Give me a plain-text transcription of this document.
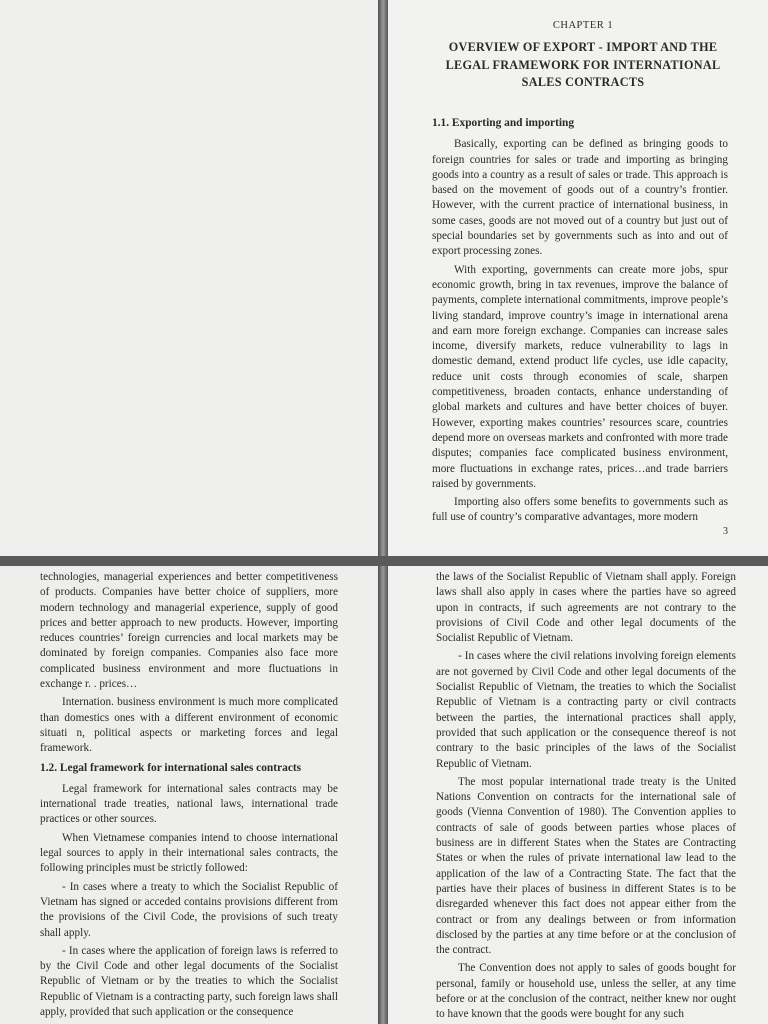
CHAPTER 1
OVERVIEW OF EXPORT - IMPORT AND THE
LEGAL FRAMEWORK FOR INTERNATIONAL
SALES CONTRACTS
1.1. Exporting and importing

Basically, exporting can be defined as bringing goods to foreign countries for sales or trade and importing as bringing goods into a country as a result of sales or trade. This approach is based on the movement of goods out of a country’s frontier. However, with the current practice of international business, in some cases, goods are not moved out of a country but just out of special boundaries set by governments such as into and out of export processing zones.

With exporting, governments can create more jobs, spur economic growth, bring in tax revenues, improve the balance of payments, complete international commitments, improve people’s living standard, improve country’s image in international arena and earn more foreign exchange. Companies can increase sales income, diversify markets, reduce vulnerability to lags in domestic demand, extend product life cycles, use idle capacity, reduce unit costs through economies of scale, sharpen competitiveness, broaden contacts, enhance understanding of global markets and cultures and have better choices of buyer. However, exporting makes countries’ resources scare, countries depend more on overseas markets and confronted with more trade disputes; companies face complicated business environment, more fluctuations in exchange rates, prices…and trade barriers raised by governments.

Importing also offers some benefits to governments such as full use of country’s comparative advantages, more modern

3

technologies, managerial experiences and better competitiveness of products. Companies have better choice of suppliers, more modern technology and managerial experience, supply of good prices and better approach to new products. However, importing reduces countries’ foreign currencies and local markets may be dominated by foreign companies. Companies also face more complicated business environment and more fluctuations in exchange r. . prices…

Internation. business environment is much more complicated than domestics ones with a different environment of economic situati n, political aspects or marketing forces and legal framework.

1.2. Legal framework for international sales contracts

Legal framework for international sales contracts may be international trade treaties, national laws, international trade practices or other sources.

When Vietnamese companies intend to choose international legal sources to apply in their international sales contracts, the following principles must be strictly followed:

- In cases where a treaty to which the Socialist Republic of Vietnam has signed or acceded contains provisions different from the provisions of the Civil Code, the provisions of such treaty shall apply.

- In cases where the application of foreign laws is referred to by the Civil Code and other legal documents of the Socialist Republic of Vietnam or by the treaties to which the Socialist Republic of Vietnam is a contracting party, such foreign laws shall apply, provided that such application or the consequence

the laws of the Socialist Republic of Vietnam shall apply. Foreign laws shall also apply in cases where the parties have so agreed upon in contracts, if such agreements are not contrary to the provisions of Civil Code and other legal documents of the Socialist Republic of Vietnam.

- In cases where the civil relations involving foreign elements are not governed by Civil Code and other legal documents of the Socialist Republic of Vietnam, the treaties to which the Socialist Republic of Vietnam is a contracting party or civil contracts between the parties, the international practices shall apply, provided that such application or the consequence thereof is not contrary to the basic principles of the laws of the Socialist Republic of Vietnam.

The most popular international trade treaty is the United Nations Convention on contracts for the international sale of goods (Vienna Convention of 1980). The Convention applies to contracts of sale of goods between parties whose places of business are in different States when the States are Contracting States or when the rules of private international law lead to the application of the law of a Contracting State. The fact that the parties have their places of business in different States is to be disregarded whenever this fact does not appear either from the contract or from any dealings between or from information disclosed by the parties at any time before or at the conclusion of the contract.

The Convention does not apply to sales of goods bought for personal, family or household use, unless the seller, at any time before or at the conclusion of the contract, neither knew nor ought to have known that the goods were bought for any such
